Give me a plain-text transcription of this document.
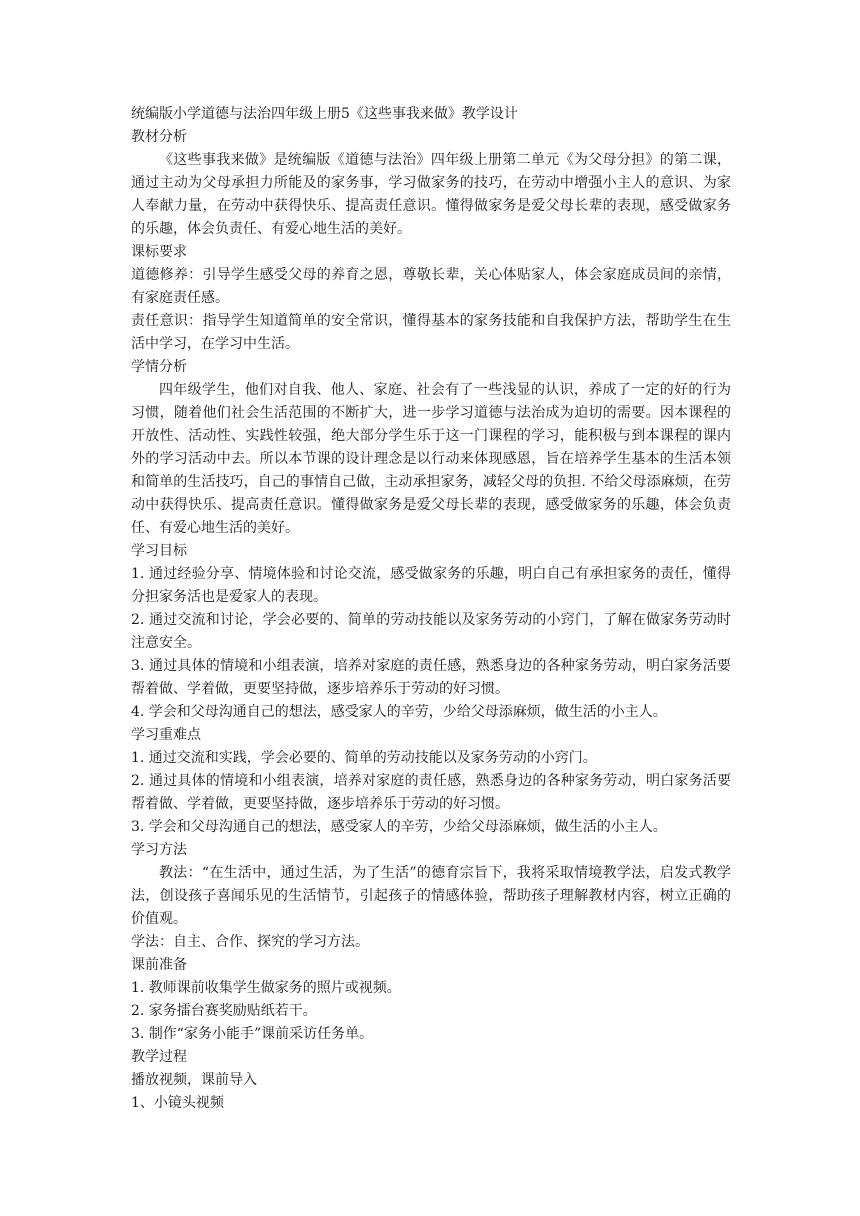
统编版小学道德与法治四年级上册5《这些事我来做》教学设计

教材分析

《这些事我来做》是统编版《道德与法治》四年级上册第二单元《为父母分担》的第二课，通过主动为父母承担力所能及的家务事，学习做家务的技巧，在劳动中增强小主人的意识、为家人奉献力量，在劳动中获得快乐、提高责任意识。懂得做家务是爱父母长辈的表现，感受做家务的乐趣，体会负责任、有爱心地生活的美好。

课标要求

道德修养：引导学生感受父母的养育之恩，尊敬长辈，关心体贴家人，体会家庭成员间的亲情，有家庭责任感。

责任意识：指导学生知道简单的安全常识，懂得基本的家务技能和自我保护方法，帮助学生在生活中学习，在学习中生活。

学情分析

四年级学生，他们对自我、他人、家庭、社会有了一些浅显的认识，养成了一定的好的行为习惯，随着他们社会生活范围的不断扩大，进一步学习道德与法治成为迫切的需要。因本课程的开放性、活动性、实践性较强，绝大部分学生乐于这一门课程的学习，能积极与到本课程的课内外的学习活动中去。所以本节课的设计理念是以行动来体现感恩，旨在培养学生基本的生活本领和简单的生活技巧，自己的事情自己做，主动承担家务，减轻父母的负担. 不给父母添麻烦，在劳动中获得快乐、提高责任意识。懂得做家务是爱父母长辈的表现，感受做家务的乐趣，体会负责任、有爱心地生活的美好。

学习目标

1. 通过经验分享、情境体验和讨论交流，感受做家务的乐趣，明白自己有承担家务的责任，懂得分担家务活也是爱家人的表现。

2. 通过交流和讨论，学会必要的、简单的劳动技能以及家务劳动的小窍门，了解在做家务劳动时注意安全。

3. 通过具体的情境和小组表演，培养对家庭的责任感，熟悉身边的各种家务劳动，明白家务活要帮着做、学着做，更要坚持做，逐步培养乐于劳动的好习惯。

4. 学会和父母沟通自己的想法，感受家人的辛劳，少给父母添麻烦，做生活的小主人。

学习重难点

1. 通过交流和实践，学会必要的、简单的劳动技能以及家务劳动的小窍门。

2. 通过具体的情境和小组表演，培养对家庭的责任感，熟悉身边的各种家务劳动，明白家务活要帮着做、学着做，更要坚持做，逐步培养乐于劳动的好习惯。

3. 学会和父母沟通自己的想法，感受家人的辛劳，少给父母添麻烦，做生活的小主人。

学习方法

教法：“在生活中，通过生活，为了生活”的德育宗旨下，我将采取情境教学法，启发式教学法，创设孩子喜闻乐见的生活情节，引起孩子的情感体验，帮助孩子理解教材内容，树立正确的价值观。

学法：自主、合作、探究的学习方法。

课前准备

1. 教师课前收集学生做家务的照片或视频。

2. 家务擂台赛奖励贴纸若干。

3. 制作“家务小能手”课前采访任务单。

教学过程

播放视频，课前导入

1、小镜头视频
